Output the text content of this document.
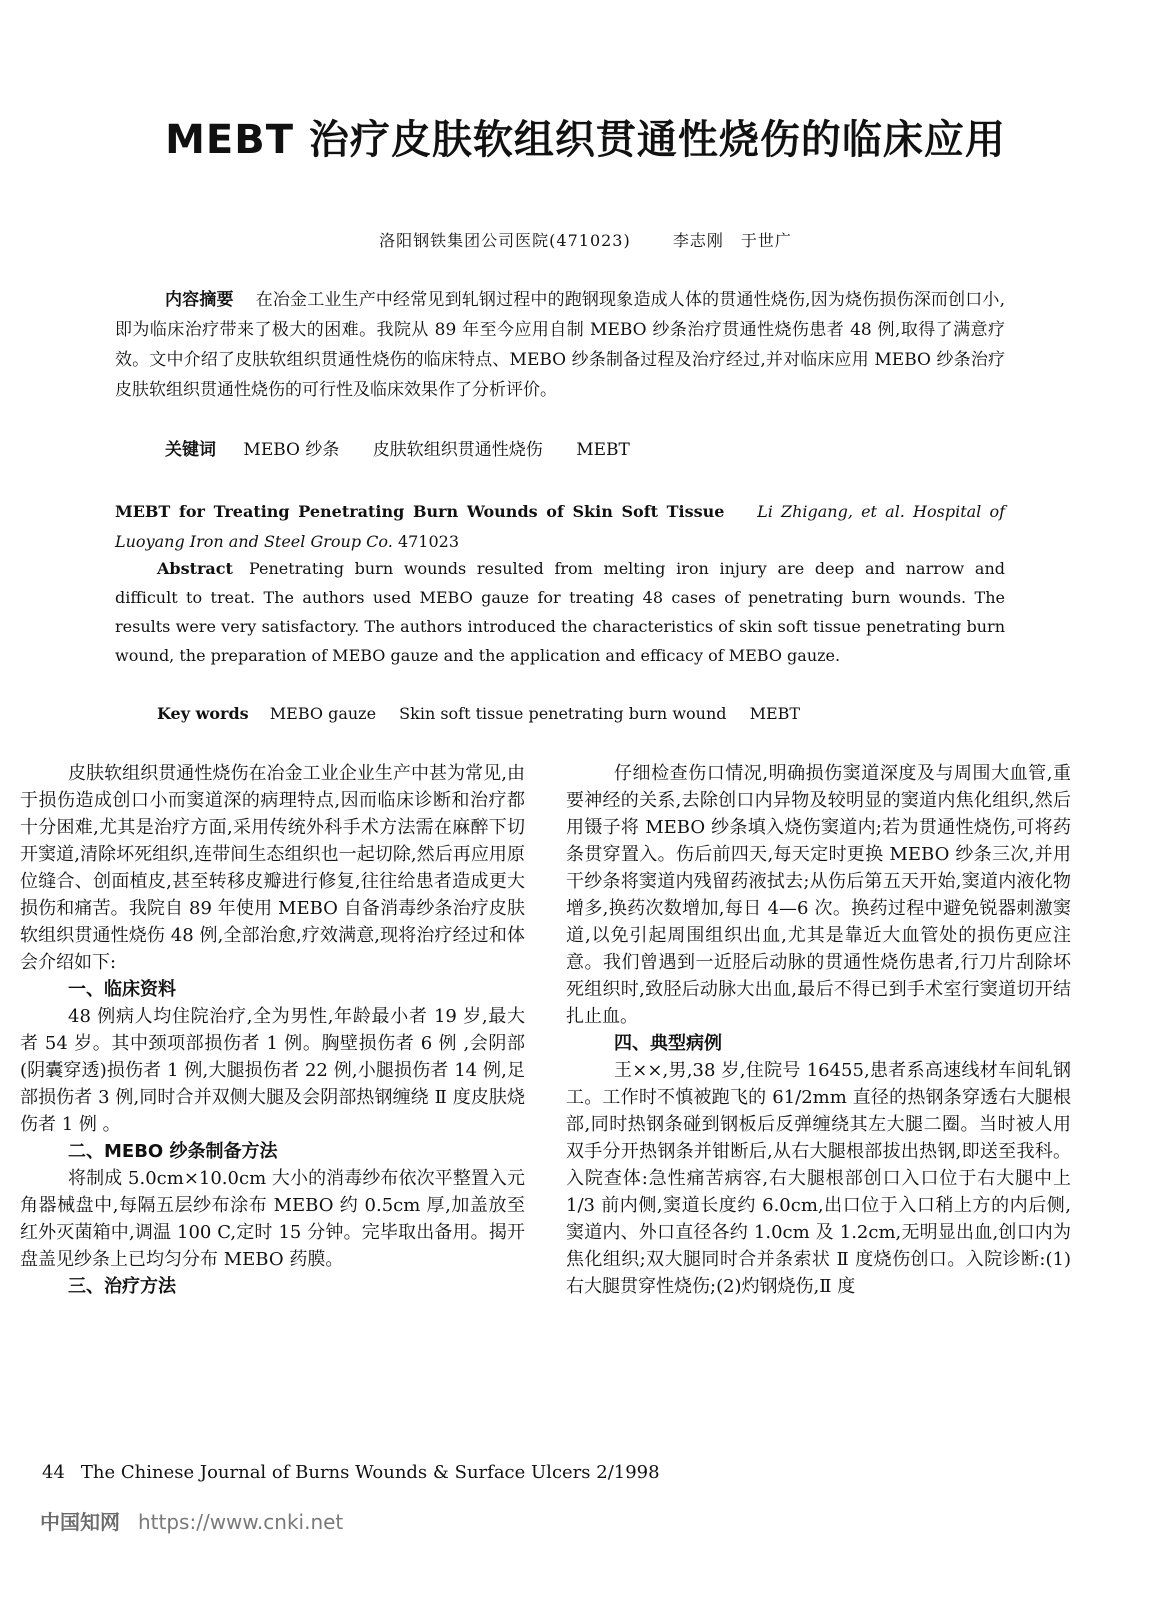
MEBT 治疗皮肤软组织贯通性烧伤的临床应用
洛阳钢铁集团公司医院(471023)	李志刚　于世广
内容摘要 在冶金工业生产中经常见到轧钢过程中的跑钢现象造成人体的贯通性烧伤,因为烧伤损伤深而创口小,即为临床治疗带来了极大的困难。我院从 89 年至今应用自制 MEBO 纱条治疗贯通性烧伤患者 48 例,取得了满意疗效。文中介绍了皮肤软组织贯通性烧伤的临床特点、MEBO 纱条制备过程及治疗经过,并对临床应用 MEBO 纱条治疗皮肤软组织贯通性烧伤的可行性及临床效果作了分析评价。
关键词 MEBO 纱条 皮肤软组织贯通性烧伤 MEBT
MEBT for Treating Penetrating Burn Wounds of Skin Soft Tissue Li Zhigang, et al. Hospital of Luoyang Iron and Steel Group Co. 471023
Abstract Penetrating burn wounds resulted from melting iron injury are deep and narrow and difficult to treat. The authors used MEBO gauze for treating 48 cases of penetrating burn wounds. The results were very satisfactory. The authors introduced the characteristics of skin soft tissue penetrating burn wound, the preparation of MEBO gauze and the application and efficacy of MEBO gauze.
Key words MEBO gauze Skin soft tissue penetrating burn wound MEBT

皮肤软组织贯通性烧伤在冶金工业企业生产中甚为常见,由于损伤造成创口小而窦道深的病理特点,因而临床诊断和治疗都十分困难,尤其是治疗方面,采用传统外科手术方法需在麻醉下切开窦道,清除坏死组织,连带间生态组织也一起切除,然后再应用原位缝合、创面植皮,甚至转移皮瓣进行修复,往往给患者造成更大损伤和痛苦。我院自 89 年使用 MEBO 自备消毒纱条治疗皮肤软组织贯通性烧伤 48 例,全部治愈,疗效满意,现将治疗经过和体会介绍如下:

一、临床资料

48 例病人均住院治疗,全为男性,年龄最小者 19 岁,最大者 54 岁。其中颈项部损伤者 1 例。胸壁损伤者 6 例 ,会阴部(阴囊穿透)损伤者 1 例,大腿损伤者 22 例,小腿损伤者 14 例,足部损伤者 3 例,同时合并双侧大腿及会阴部热钢缠绕 Ⅱ 度皮肤烧伤者 1 例 。

二、MEBO 纱条制备方法

将制成 5.0cm×10.0cm 大小的消毒纱布依次平整置入元角器械盘中,每隔五层纱布涂布 MEBO 约 0.5cm 厚,加盖放至红外灭菌箱中,调温 100 C,定时 15 分钟。完毕取出备用。揭开盘盖见纱条上已均匀分布 MEBO 药膜。

三、治疗方法

仔细检查伤口情况,明确损伤窦道深度及与周围大血管,重要神经的关系,去除创口内异物及较明显的窦道内焦化组织,然后用镊子将 MEBO 纱条填入烧伤窦道内;若为贯通性烧伤,可将药条贯穿置入。伤后前四天,每天定时更换 MEBO 纱条三次,并用干纱条将窦道内残留药液拭去;从伤后第五天开始,窦道内液化物增多,换药次数增加,每日 4—6 次。换药过程中避免锐器刺激窦道,以免引起周围组织出血,尤其是靠近大血管处的损伤更应注意。我们曾遇到一近胫后动脉的贯通性烧伤患者,行刀片刮除坏死组织时,致胫后动脉大出血,最后不得已到手术室行窦道切开结扎止血。

四、典型病例

王××,男,38 岁,住院号 16455,患者系高速线材车间轧钢工。工作时不慎被跑飞的 61/2mm 直径的热钢条穿透右大腿根部,同时热钢条碰到钢板后反弹缠绕其左大腿二圈。当时被人用双手分开热钢条并钳断后,从右大腿根部拔出热钢,即送至我科。入院查体:急性痛苦病容,右大腿根部创口入口位于右大腿中上 1/3 前内侧,窦道长度约 6.0cm,出口位于入口稍上方的内后侧,窦道内、外口直径各约 1.0cm 及 1.2cm,无明显出血,创口内为焦化组织;双大腿同时合并条索状 Ⅱ 度烧伤创口。入院诊断:(1)右大腿贯穿性烧伤;(2)灼钢烧伤,Ⅱ 度

44 The Chinese Journal of Burns Wounds & Surface Ulcers 2/1998
中国知网 https://www.cnki.net
